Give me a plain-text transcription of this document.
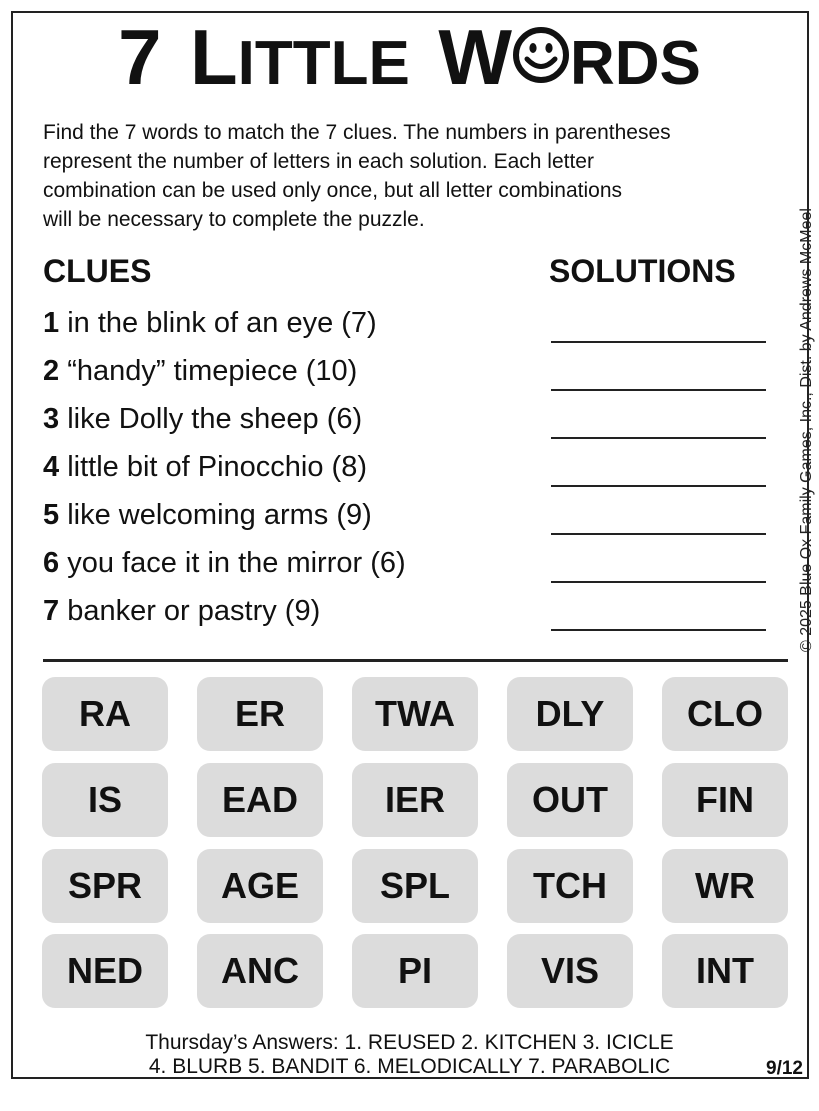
7 LITTLE W RDS
Find the 7 words to match the 7 clues. The numbers in parentheses
represent the number of letters in each solution. Each letter
combination can be used only once, but all letter combinations
will be necessary to complete the puzzle.
CLUES	SOLUTIONS
1 in the blink of an eye (7)
2 “handy” timepiece (10)
3 like Dolly the sheep (6)
4 little bit of Pinocchio (8)
5 like welcoming arms (9)
6 you face it in the mirror (6)
7 banker or pastry (9)
RA	ER	TWA	DLY	CLO
IS	EAD	IER	OUT	FIN
SPR	AGE	SPL	TCH	WR
NED	ANC	PI	VIS	INT
© 2025 Blue Ox Family Games, Inc., Dist. by Andrews McMeel
Thursday’s Answers: 1. REUSED 2. KITCHEN 3. ICICLE
4. BLURB 5. BANDIT 6. MELODICALLY 7. PARABOLIC	9/12
